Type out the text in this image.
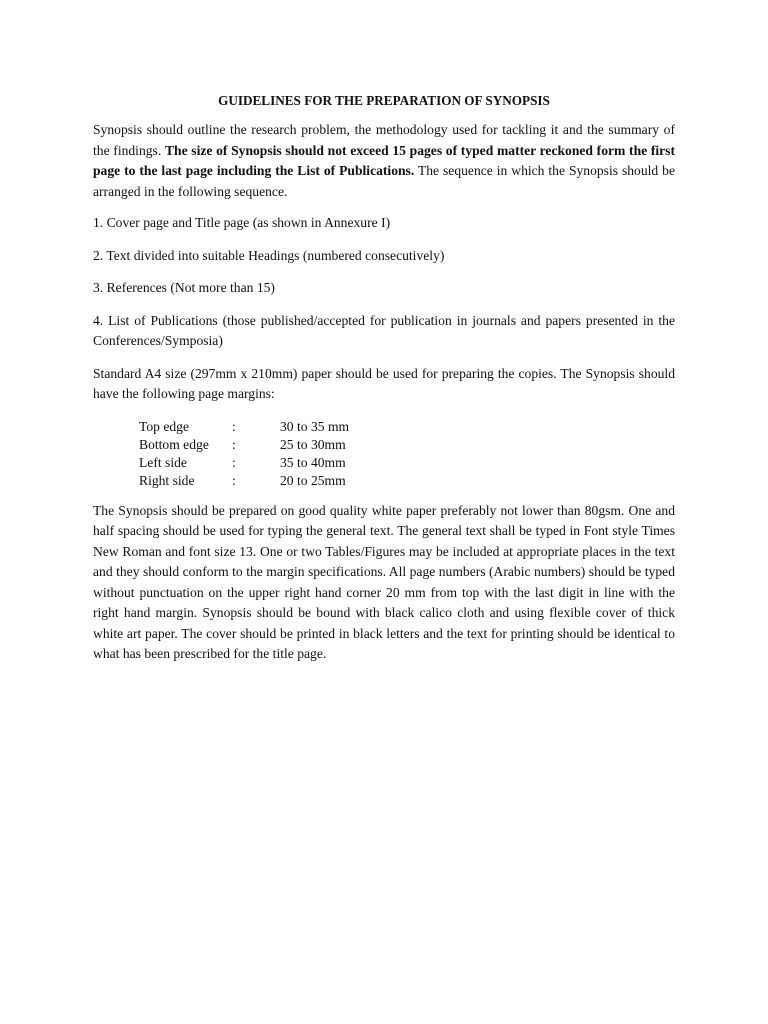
GUIDELINES FOR THE PREPARATION OF SYNOPSIS

Synopsis should outline the research problem, the methodology used for tackling it and the summary of the findings. The size of Synopsis should not exceed 15 pages of typed matter reckoned form the first page to the last page including the List of Publications. The sequence in which the Synopsis should be arranged in the following sequence.

1. Cover page and Title page (as shown in Annexure I)

2. Text divided into suitable Headings (numbered consecutively)

3. References (Not more than 15)

4. List of Publications (those published/accepted for publication in journals and papers presented in the Conferences/Symposia)

Standard A4 size (297mm x 210mm) paper should be used for preparing the copies. The Synopsis should have the following page margins:

Top edge	:	30 to 35 mm
Bottom edge	:	25 to 30mm
Left side	:	35 to 40mm
Right side	:	20 to 25mm

The Synopsis should be prepared on good quality white paper preferably not lower than 80gsm. One and half spacing should be used for typing the general text. The general text shall be typed in Font style Times New Roman and font size 13. One or two Tables/Figures may be included at appropriate places in the text and they should conform to the margin specifications. All page numbers (Arabic numbers) should be typed without punctuation on the upper right hand corner 20 mm from top with the last digit in line with the right hand margin. Synopsis should be bound with black calico cloth and using flexible cover of thick white art paper. The cover should be printed in black letters and the text for printing should be identical to what has been prescribed for the title page.
